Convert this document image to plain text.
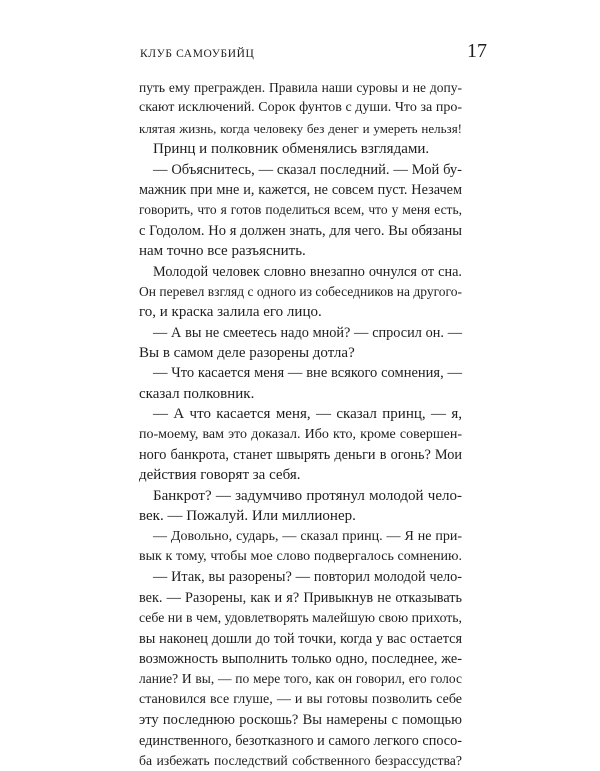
КЛУБ САМОУБИЙЦ	17
путь ему прегражден. Правила наши суровы и не допу-
скают исключений. Сорок фунтов с души. Что за про-
клятая жизнь, когда человеку без денег и умереть нельзя!
Принц и полковник обменялись взглядами.
— Объяснитесь, — сказал последний. — Мой бу-
мажник при мне и, кажется, не совсем пуст. Незачем
говорить, что я готов поделиться всем, что у меня есть,
с Годолом. Но я должен знать, для чего. Вы обязаны
нам точно все разъяснить.
Молодой человек словно внезапно очнулся от сна.
Он перевел взгляд с одного из собеседников на другого-
го, и краска залила его лицо.
— А вы не смеетесь надо мной? — спросил он. —
Вы в самом деле разорены дотла?
— Что касается меня — вне всякого сомнения, —
сказал полковник.
— А что касается меня, — сказал принц, — я,
по-моему, вам это доказал. Ибо кто, кроме совершен-
ного банкрота, станет швырять деньги в огонь? Мои
действия говорят за себя.
Банкрот? — задумчиво протянул молодой чело-
век. — Пожалуй. Или миллионер.
— Довольно, сударь, — сказал принц. — Я не при-
вык к тому, чтобы мое слово подвергалось сомнению.
— Итак, вы разорены? — повторил молодой чело-
век. — Разорены, как и я? Привыкнув не отказывать
себе ни в чем, удовлетворять малейшую свою прихоть,
вы наконец дошли до той точки, когда у вас остается
возможность выполнить только одно, последнее, же-
лание? И вы, — по мере того, как он говорил, его голос
становился все глуше, — и вы готовы позволить себе
эту последнюю роскошь? Вы намерены с помощью
единственного, безотказного и самого легкого спосо-
ба избежать последствий собственного безрассудства?
